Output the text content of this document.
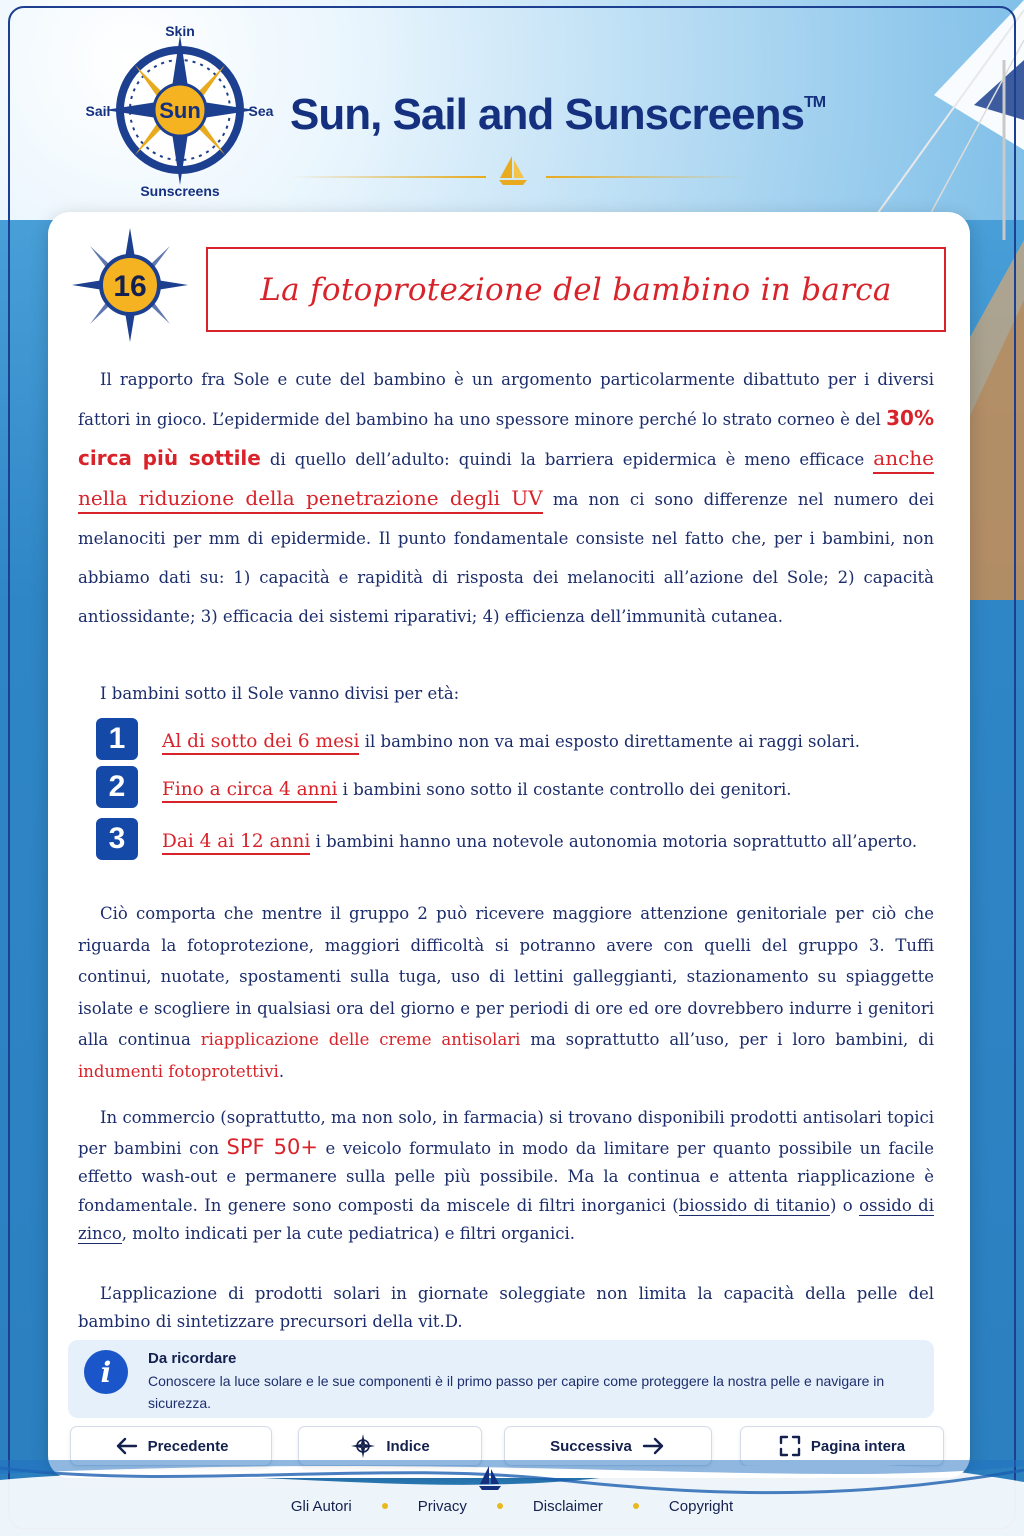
Sun
Skin
Sail	Sea
Sunscreens
Sun, Sail and Sunscreens™
16	La fotoprotezione del bambino in barca
Il rapporto fra Sole e cute del bambino è un argomento particolarmente dibattuto per i diversi fattori in gioco. L’epidermide del bambino ha uno spessore minore perché lo strato corneo è del 30% circa più sottile di quello dell’adulto: quindi la barriera epidermica è meno efficace anche nella riduzione della penetrazione degli UV ma non ci sono differenze nel numero dei melanociti per mm di epidermide. Il punto fondamentale consiste nel fatto che, per i bambini, non abbiamo dati su: 1) capacità e rapidità di risposta dei melanociti all’azione del Sole; 2) capacità antiossidante; 3) efficacia dei sistemi riparativi; 4) efficienza dell’immunità cutanea.
I bambini sotto il Sole vanno divisi per età:
1	Al di sotto dei 6 mesi il bambino non va mai esposto direttamente ai raggi solari.
2	Fino a circa 4 anni i bambini sono sotto il costante controllo dei genitori.
3	Dai 4 ai 12 anni i bambini hanno una notevole autonomia motoria soprattutto all’aperto.
Ciò comporta che mentre il gruppo 2 può ricevere maggiore attenzione genitoriale per ciò che riguarda la fotoprotezione, maggiori difficoltà si potranno avere con quelli del gruppo 3. Tuffi continui, nuotate, spostamenti sulla tuga, uso di lettini galleggianti, stazionamento su spiaggette isolate e scogliere in qualsiasi ora del giorno e per periodi di ore ed ore dovrebbero indurre i genitori alla continua riapplicazione delle creme antisolari ma soprattutto all’uso, per i loro bambini, di indumenti fotoprotettivi.
In commercio (soprattutto, ma non solo, in farmacia) si trovano disponibili prodotti antisolari topici per bambini con SPF 50+ e veicolo formulato in modo da limitare per quanto possibile un facile effetto wash-out e permanere sulla pelle più possibile. Ma la continua e attenta riapplicazione è fondamentale. In genere sono composti da miscele di filtri inorganici (biossido di titanio) o ossido di zinco, molto indicati per la cute pediatrica) e filtri organici.
L’applicazione di prodotti solari in giornate soleggiate non limita la capacità della pelle del bambino di sintetizzare precursori della vit.D.
i	Da ricordare
Conoscere la luce solare e le sue componenti è il primo passo per capire come proteggere la nostra pelle e navigare in sicurezza.
Precedente	Indice	Successiva	Pagina intera
Gli Autori	Privacy	Disclaimer	Copyright
